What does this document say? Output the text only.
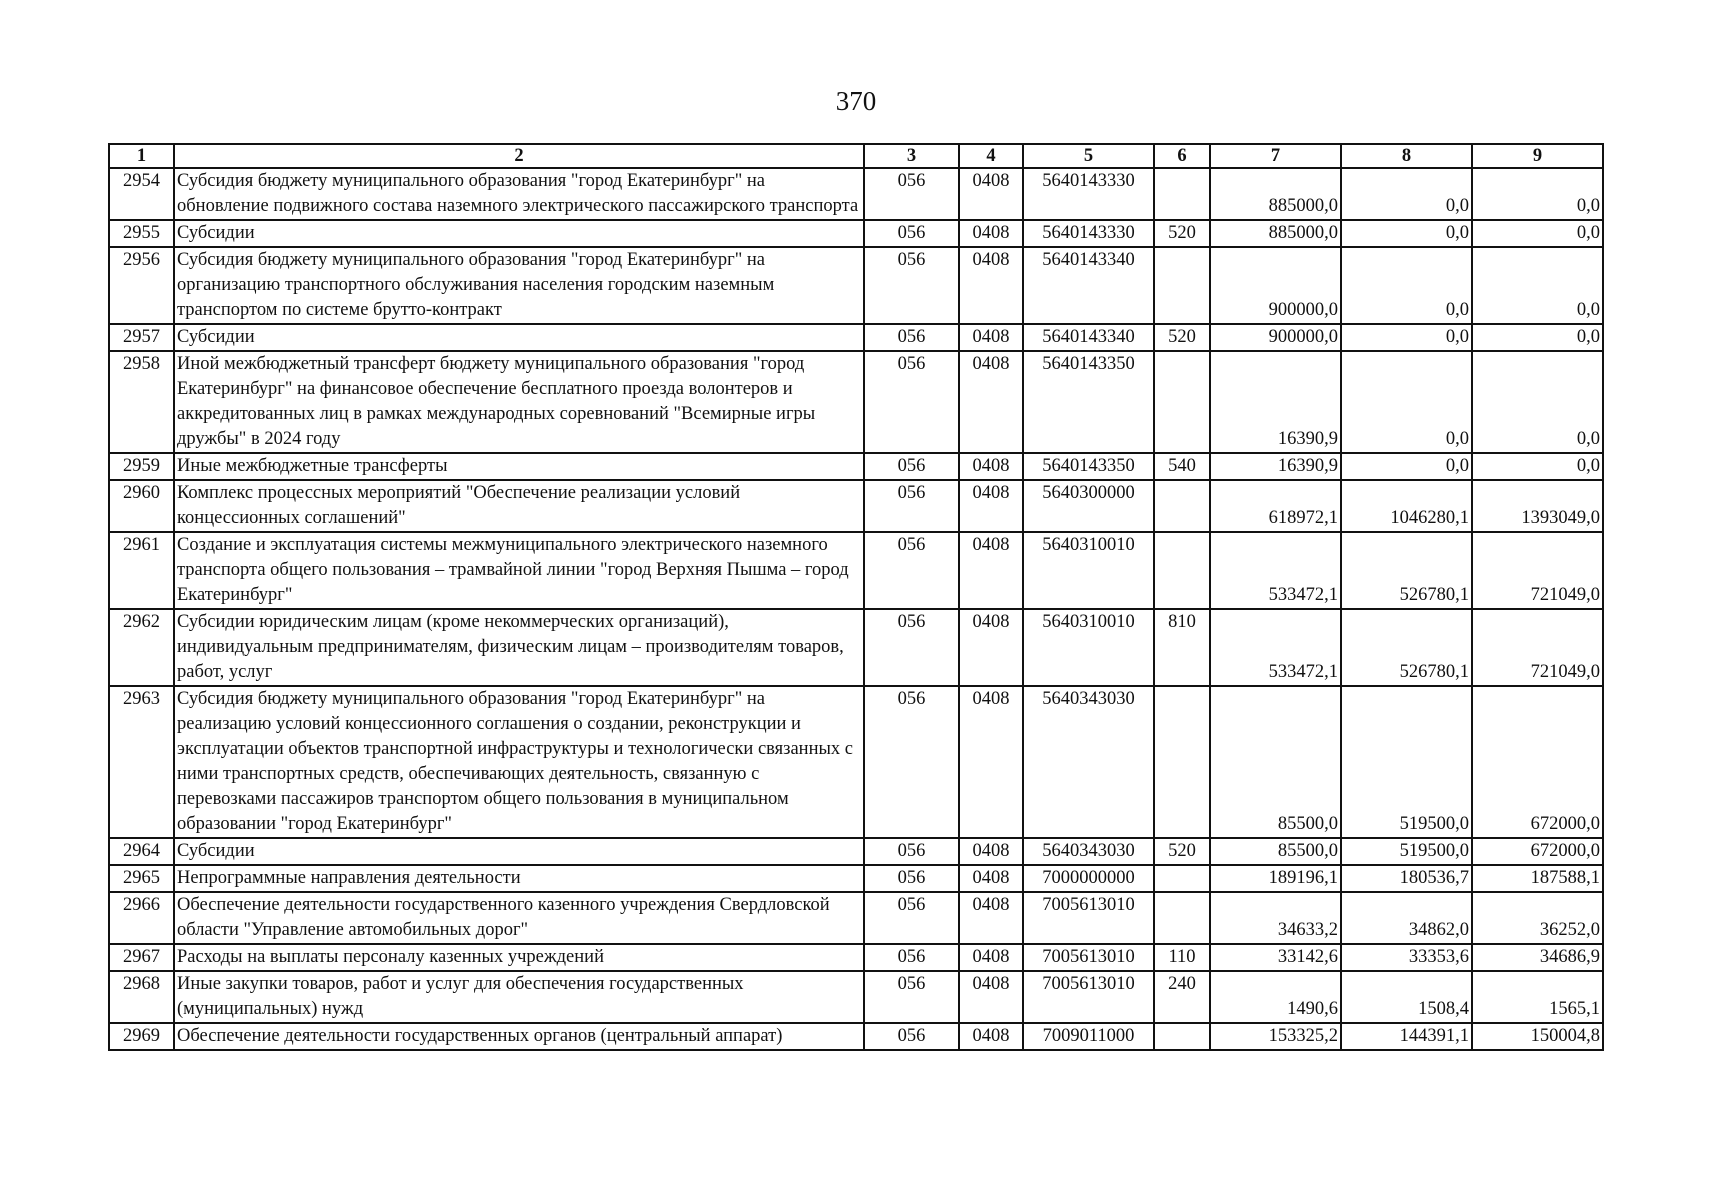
370
1	2	3	4	5	6	7	8	9
2954	Субсидия бюджету муниципального образования "город Екатеринбург" на обновление подвижного состава наземного электрического пассажирского транспорта	056	0408	5640143330		885000,0	0,0	0,0
2955	Субсидии	056	0408	5640143330	520	885000,0	0,0	0,0
2956	Субсидия бюджету муниципального образования "город Екатеринбург" на организацию транспортного обслуживания населения городским наземным транспортом по системе брутто-контракт	056	0408	5640143340		900000,0	0,0	0,0
2957	Субсидии	056	0408	5640143340	520	900000,0	0,0	0,0
2958	Иной межбюджетный трансферт бюджету муниципального образования "город Екатеринбург" на финансовое обеспечение бесплатного проезда волонтеров и аккредитованных лиц в рамках международных соревнований "Всемирные игры дружбы" в 2024 году	056	0408	5640143350		16390,9	0,0	0,0
2959	Иные межбюджетные трансферты	056	0408	5640143350	540	16390,9	0,0	0,0
2960	Комплекс процессных мероприятий "Обеспечение реализации условий концессионных соглашений"	056	0408	5640300000		618972,1	1046280,1	1393049,0
2961	Создание и эксплуатация системы межмуниципального электрического наземного транспорта общего пользования – трамвайной линии "город Верхняя Пышма – город Екатеринбург"	056	0408	5640310010		533472,1	526780,1	721049,0
2962	Субсидии юридическим лицам (кроме некоммерческих организаций), индивидуальным предпринимателям, физическим лицам – производителям товаров, работ, услуг	056	0408	5640310010	810	533472,1	526780,1	721049,0
2963	Субсидия бюджету муниципального образования "город Екатеринбург" на реализацию условий концессионного соглашения о создании, реконструкции и эксплуатации объектов транспортной инфраструктуры и технологически связанных с ними транспортных средств, обеспечивающих деятельность, связанную с перевозками пассажиров транспортом общего пользования в муниципальном образовании "город Екатеринбург"	056	0408	5640343030		85500,0	519500,0	672000,0
2964	Субсидии	056	0408	5640343030	520	85500,0	519500,0	672000,0
2965	Непрограммные направления деятельности	056	0408	7000000000		189196,1	180536,7	187588,1
2966	Обеспечение деятельности государственного казенного учреждения Свердловской области "Управление автомобильных дорог"	056	0408	7005613010		34633,2	34862,0	36252,0
2967	Расходы на выплаты персоналу казенных учреждений	056	0408	7005613010	110	33142,6	33353,6	34686,9
2968	Иные закупки товаров, работ и услуг для обеспечения государственных (муниципальных) нужд	056	0408	7005613010	240	1490,6	1508,4	1565,1
2969	Обеспечение деятельности государственных органов (центральный аппарат)	056	0408	7009011000		153325,2	144391,1	150004,8
